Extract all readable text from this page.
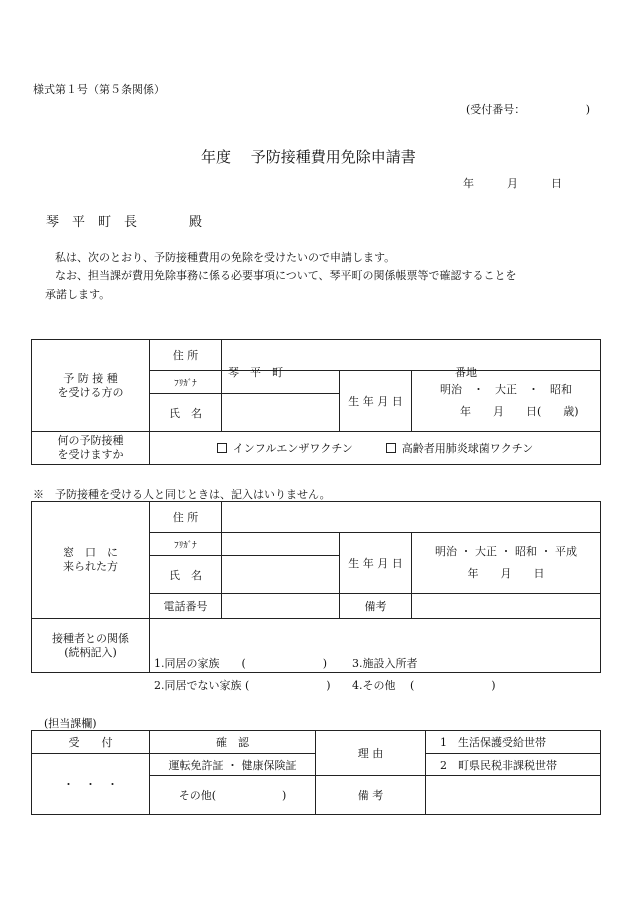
様式第１号（第５条関係）
(受付番号：　　　　　　)
年度　 予防接種費用免除申請書
年　　　月　　　日
琴　平　町　長　　　　殿
私は、次のとおり、予防接種費用の免除を受けたいので申請します。
なお、担当課が費用免除事務に係る必要事項について、琴平町の関係帳票等で確認することを
承諾します。
予 防 接 種
を受ける方の	住 所	琴　平　町 番地		

	ﾌﾘｶﾞﾅ		生 年 月 日	明治　・　大正　・　昭和
年　　月　　日(　　歳)

	氏　名			
何の予防接種
を受けますか	インフルエンザワクチン 高齢者用肺炎球菌ワクチン			
※　予防接種を受ける人と同じときは、記入はいりません。
窓　口　に
来られた方	住 所			
	ﾌﾘｶﾞﾅ		生 年 月 日	明治 ・ 大正 ・ 昭和 ・ 平成
年　　月　　日

	氏　名			
	電話番号		備考	
接種者との関係
(続柄記入)	1.同居の家族　　(　　　　　　　)
2.同居でない家族 (　　　　　　　)
3.施設入所者
4.その他　 (　　　　　　　)			
(担当課欄)
受　　付	確　認	理 由	1　生活保護受給世帯
・　・　・	運転免許証 ・ 健康保険証		2　町県民税非課税世帯
	その他(　　　　　　)	備 考	
